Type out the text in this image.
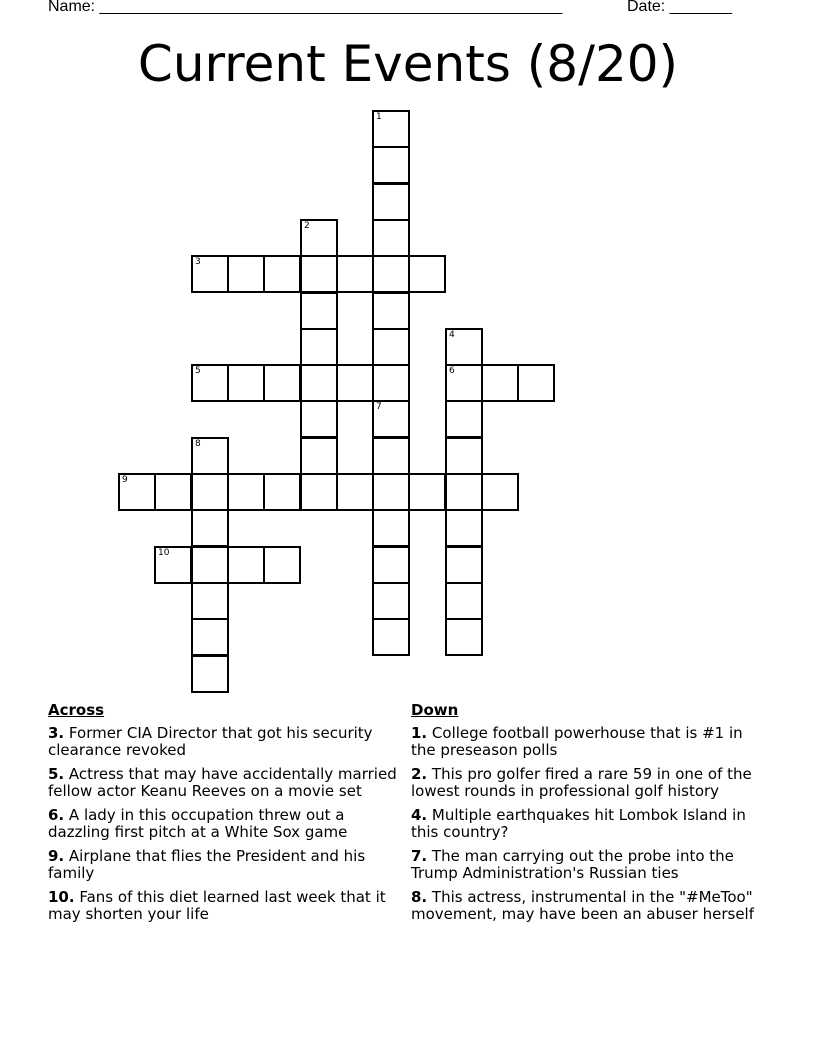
Name: ____________________________________________________	Date: _______
Current Events (8/20)
1
2
3
4
6
5
7
8
9
10
Across
3. Former CIA Director that got his security clearance revoked
5. Actress that may have accidentally married fellow actor Keanu Reeves on a movie set
6. A lady in this occupation threw out a dazzling first pitch at a White Sox game
9. Airplane that flies the President and his family
10. Fans of this diet learned last week that it may shorten your life
Down
1. College football powerhouse that is #1 in the preseason polls
2. This pro golfer fired a rare 59 in one of the lowest rounds in professional golf history
4. Multiple earthquakes hit Lombok Island in this country?
7. The man carrying out the probe into the Trump Administration's Russian ties
8. This actress, instrumental in the "#MeToo" movement, may have been an abuser herself
